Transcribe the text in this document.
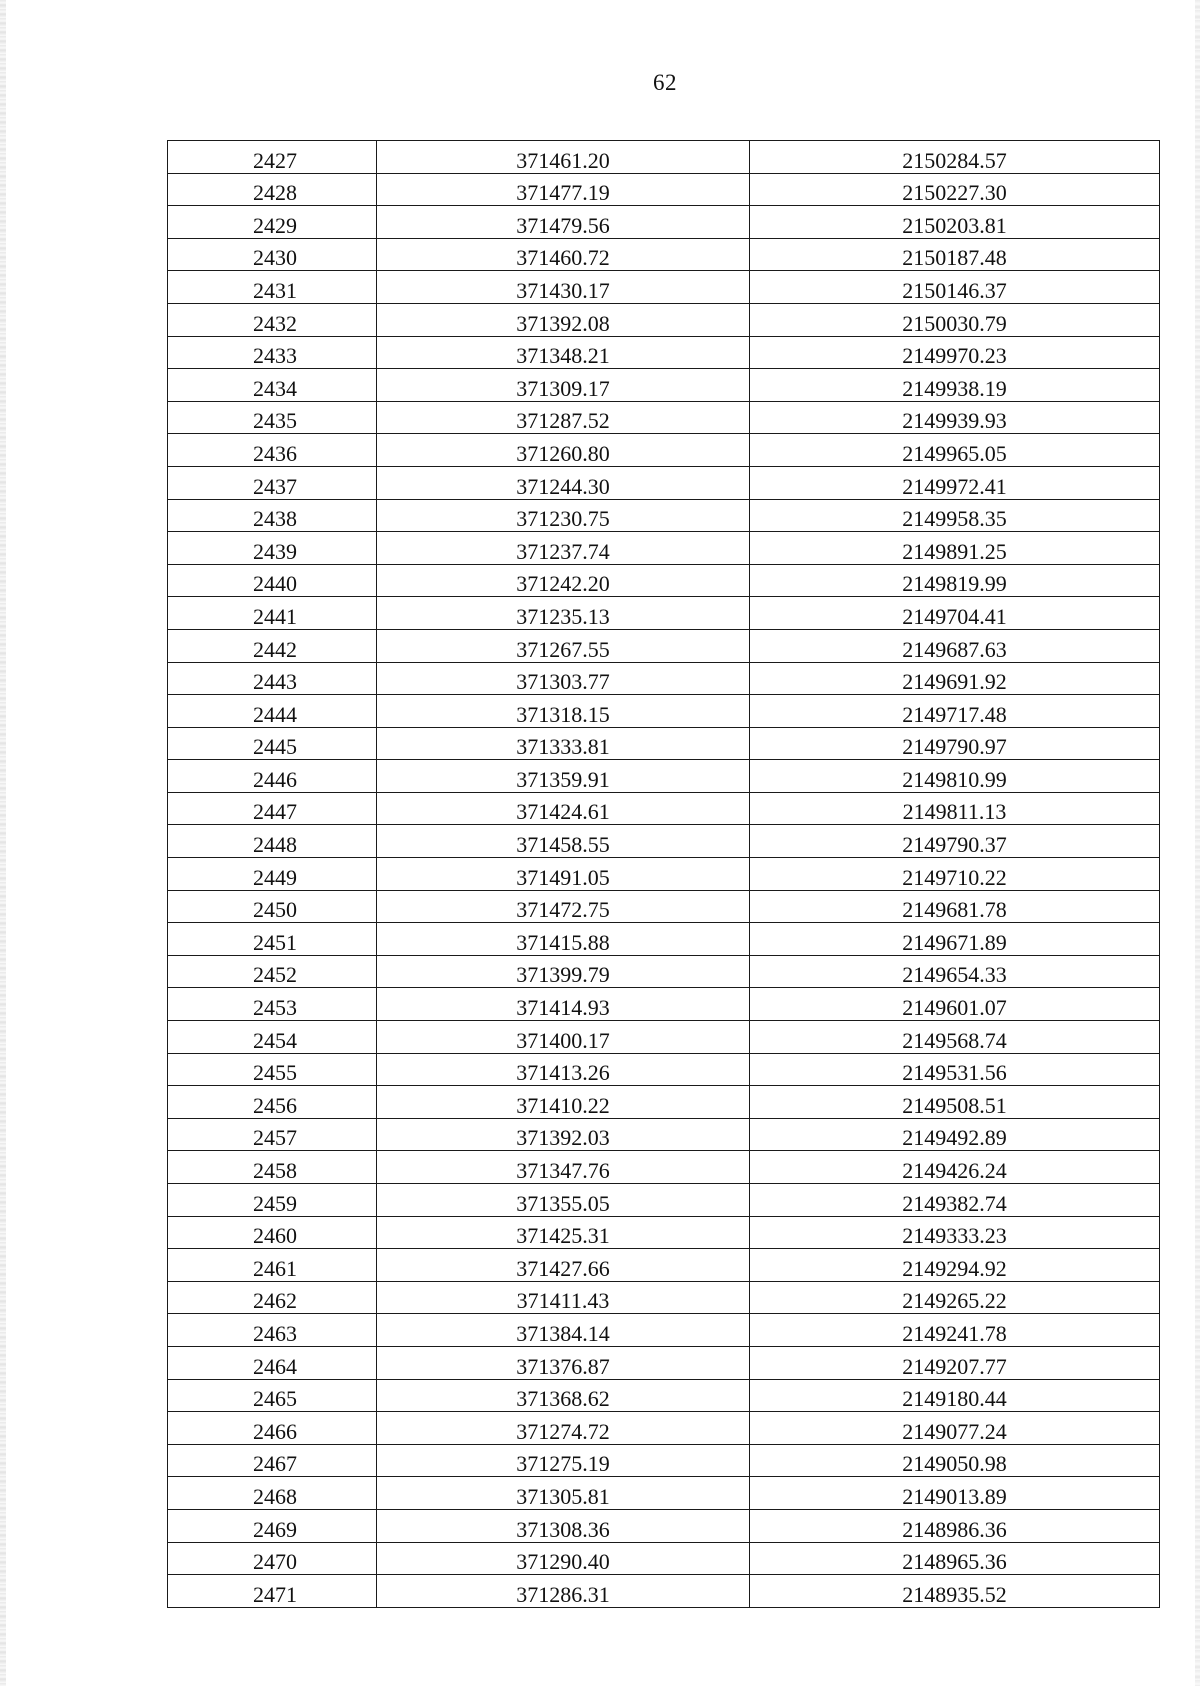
62
2427	371461.20	2150284.57
2428	371477.19	2150227.30
2429	371479.56	2150203.81
2430	371460.72	2150187.48
2431	371430.17	2150146.37
2432	371392.08	2150030.79
2433	371348.21	2149970.23
2434	371309.17	2149938.19
2435	371287.52	2149939.93
2436	371260.80	2149965.05
2437	371244.30	2149972.41
2438	371230.75	2149958.35
2439	371237.74	2149891.25
2440	371242.20	2149819.99
2441	371235.13	2149704.41
2442	371267.55	2149687.63
2443	371303.77	2149691.92
2444	371318.15	2149717.48
2445	371333.81	2149790.97
2446	371359.91	2149810.99
2447	371424.61	2149811.13
2448	371458.55	2149790.37
2449	371491.05	2149710.22
2450	371472.75	2149681.78
2451	371415.88	2149671.89
2452	371399.79	2149654.33
2453	371414.93	2149601.07
2454	371400.17	2149568.74
2455	371413.26	2149531.56
2456	371410.22	2149508.51
2457	371392.03	2149492.89
2458	371347.76	2149426.24
2459	371355.05	2149382.74
2460	371425.31	2149333.23
2461	371427.66	2149294.92
2462	371411.43	2149265.22
2463	371384.14	2149241.78
2464	371376.87	2149207.77
2465	371368.62	2149180.44
2466	371274.72	2149077.24
2467	371275.19	2149050.98
2468	371305.81	2149013.89
2469	371308.36	2148986.36
2470	371290.40	2148965.36
2471	371286.31	2148935.52
